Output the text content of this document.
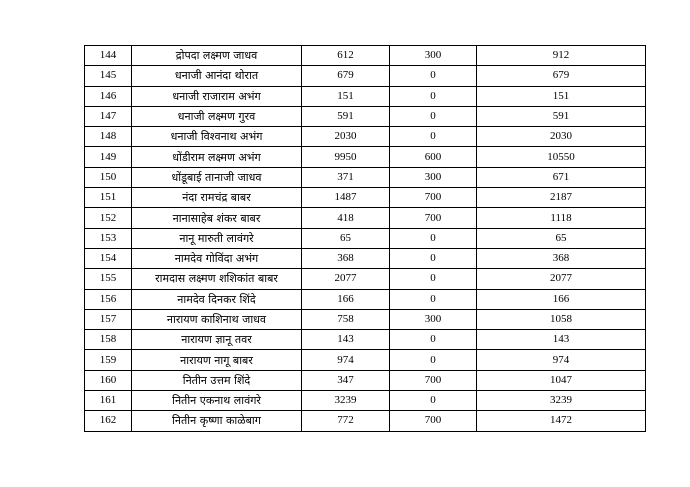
144	द्रोपदा लक्ष्मण जाधव	612	300	912
145	धनाजी आनंदा थोरात	679	0	679
146	धनाजी राजाराम अभंग	151	0	151
147	धनाजी लक्ष्मण गुरव	591	0	591
148	धनाजी विश्वनाथ अभंग	2030	0	2030
149	धोंडीराम लक्ष्मण अभंग	9950	600	10550
150	धोंडूबाई तानाजी जाधव	371	300	671
151	नंदा रामचंद्र बाबर	1487	700	2187
152	नानासाहेब शंकर बाबर	418	700	1118
153	नानू मारुती लावंगरे	65	0	65
154	नामदेव गोविंदा अभंग	368	0	368
155	रामदास लक्ष्मण शशिकांत बाबर	2077	0	2077
156	नामदेव दिनकर शिंदे	166	0	166
157	नारायण काशिनाथ जाधव	758	300	1058
158	नारायण ज्ञानू तवर	143	0	143
159	नारायण नागू बाबर	974	0	974
160	नितीन उत्तम शिंदे	347	700	1047
161	नितीन एकनाथ लावंगरे	3239	0	3239
162	नितीन कृष्णा काळेबाग	772	700	1472
